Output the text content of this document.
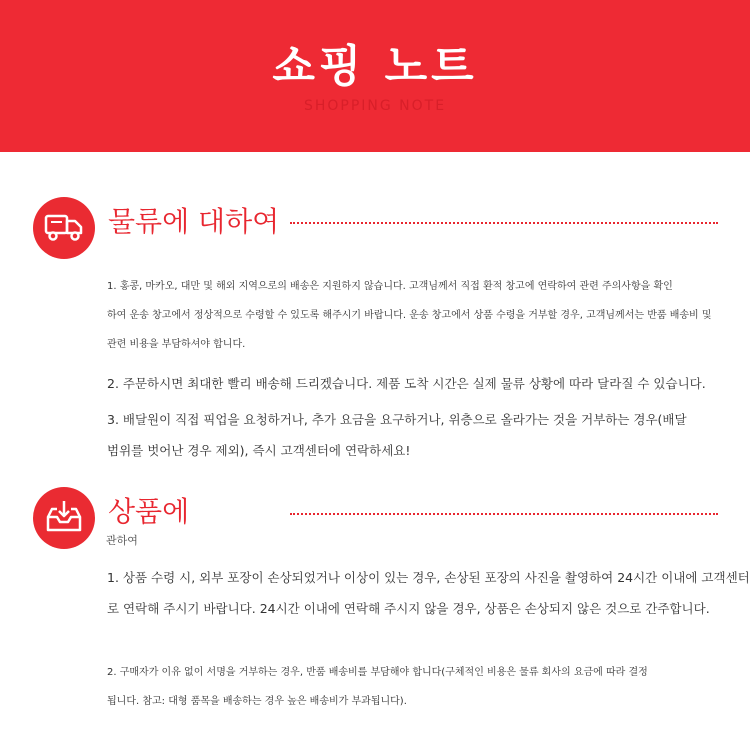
쇼핑 노트
SHOPPING NOTE
물류에 대하여
1. 홍콩, 마카오, 대만 및 해외 지역으로의 배송은 지원하지 않습니다. 고객님께서 직접 환적 창고에 연락하여 관련 주의사항을 확인
하여 운송 창고에서 정상적으로 수령할 수 있도록 해주시기 바랍니다. 운송 창고에서 상품 수령을 거부할 경우, 고객님께서는 반품 배송비 및
관련 비용을 부담하셔야 합니다.
2. 주문하시면 최대한 빨리 배송해 드리겠습니다. 제품 도착 시간은 실제 물류 상황에 따라 달라질 수 있습니다.
3. 배달원이 직접 픽업을 요청하거나, 추가 요금을 요구하거나, 위층으로 올라가는 것을 거부하는 경우(배달
범위를 벗어난 경우 제외), 즉시 고객센터에 연락하세요!
상품에
관하여
1. 상품 수령 시, 외부 포장이 손상되었거나 이상이 있는 경우, 손상된 포장의 사진을 촬영하여 24시간 이내에 고객센터
로 연락해 주시기 바랍니다. 24시간 이내에 연락해 주시지 않을 경우, 상품은 손상되지 않은 것으로 간주합니다.
2. 구매자가 이유 없이 서명을 거부하는 경우, 반품 배송비를 부담해야 합니다(구체적인 비용은 물류 회사의 요금에 따라 결정
됩니다. 참고: 대형 품목을 배송하는 경우 높은 배송비가 부과됩니다).
